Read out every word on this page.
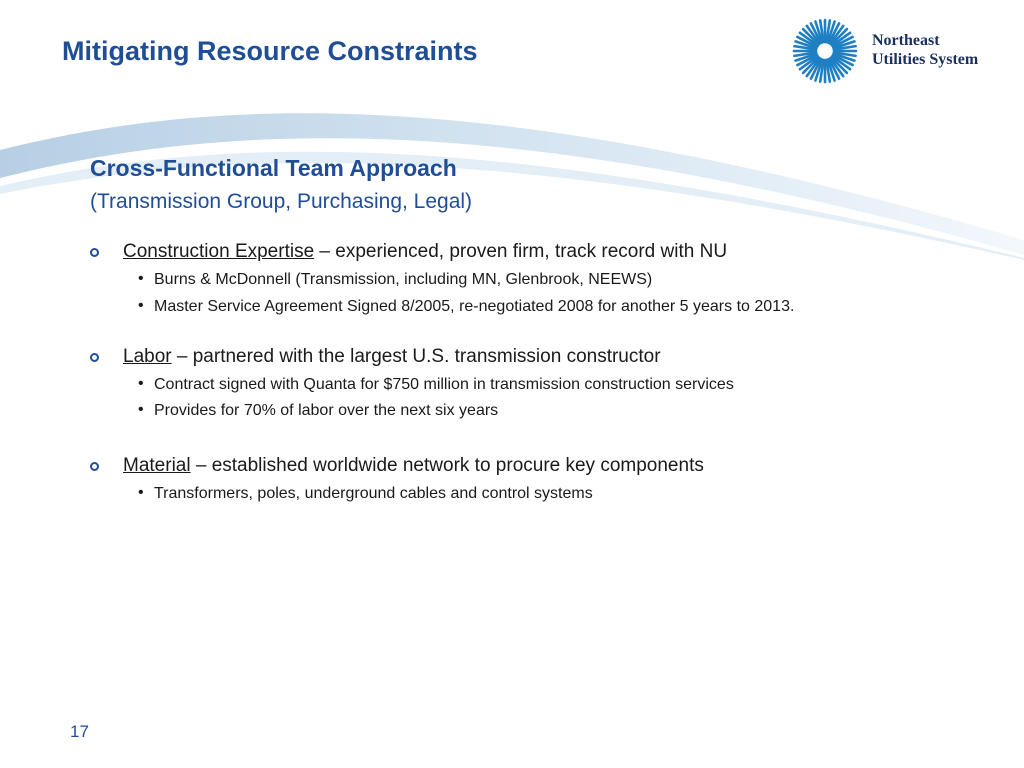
Mitigating Resource Constraints	Northeast
Utilities System
Cross-Functional Team Approach
(Transmission Group, Purchasing, Legal)
Construction Expertise – experienced, proven firm, track record with NU
• Burns & McDonnell (Transmission, including MN, Glenbrook, NEEWS)
• Master Service Agreement Signed 8/2005, re-negotiated 2008 for another 5 years to 2013.
Labor – partnered with the largest U.S. transmission constructor
• Contract signed with Quanta for $750 million in transmission construction services
• Provides for 70% of labor over the next six years
Material – established worldwide network to procure key components
• Transformers, poles, underground cables and control systems
17
